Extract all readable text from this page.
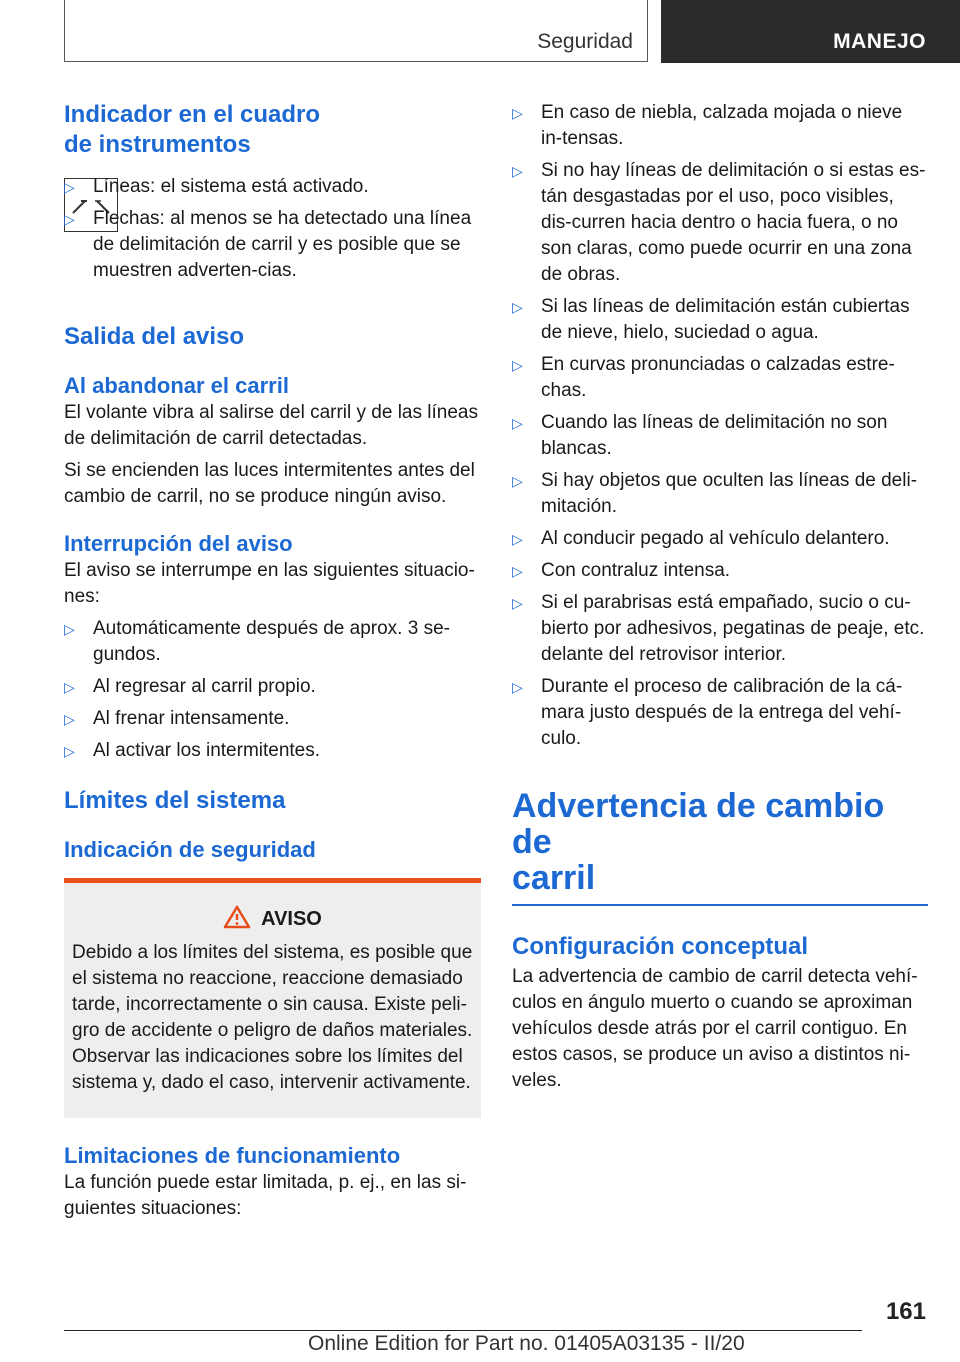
Seguridad	MANEJO
Indicador en el cuadro
de instrumentos
▷ Líneas: el sistema está activado.
▷ Flechas: al menos se ha detectado una línea de delimitación de carril y es posible que se muestren adverten-cias.
Salida del aviso
Al abandonar el carril

El volante vibra al salirse del carril y de las líneas de delimitación de carril detectadas.

Si se encienden las luces intermitentes antes del cambio de carril, no se produce ningún aviso.

Interrupción del aviso

El aviso se interrumpe en las siguientes situacio-nes:

▷ Automáticamente después de aprox. 3 se-gundos.
▷ Al regresar al carril propio.
▷ Al frenar intensamente.
▷ Al activar los intermitentes.
Límites del sistema
Indicación de seguridad
AVISO

Debido a los límites del sistema, es posible que el sistema no reaccione, reaccione demasiado tarde, incorrectamente o sin causa. Existe peli-gro de accidente o peligro de daños materiales. Observar las indicaciones sobre los límites del sistema y, dado el caso, intervenir activamente.

Limitaciones de funcionamiento

La función puede estar limitada, p. ej., en las si-guientes situaciones:

▷ En caso de niebla, calzada mojada o nieve in-tensas.
▷ Si no hay líneas de delimitación o si estas es-tán desgastadas por el uso, poco visibles, dis-curren hacia dentro o hacia fuera, o no son claras, como puede ocurrir en una zona de obras.
▷ Si las líneas de delimitación están cubiertas de nieve, hielo, suciedad o agua.
▷ En curvas pronunciadas o calzadas estre-chas.
▷ Cuando las líneas de delimitación no son blancas.
▷ Si hay objetos que oculten las líneas de deli-mitación.
▷ Al conducir pegado al vehículo delantero.
▷ Con contraluz intensa.
▷ Si el parabrisas está empañado, sucio o cu-bierto por adhesivos, pegatinas de peaje, etc. delante del retrovisor interior.
▷ Durante el proceso de calibración de la cá-mara justo después de la entrega del vehí-culo.
Advertencia de cambio de
carril
Configuración conceptual

La advertencia de cambio de carril detecta vehí-culos en ángulo muerto o cuando se aproximan vehículos desde atrás por el carril contiguo. En estos casos, se produce un aviso a distintos ni-veles.

161
Online Edition for Part no. 01405A03135 - II/20
